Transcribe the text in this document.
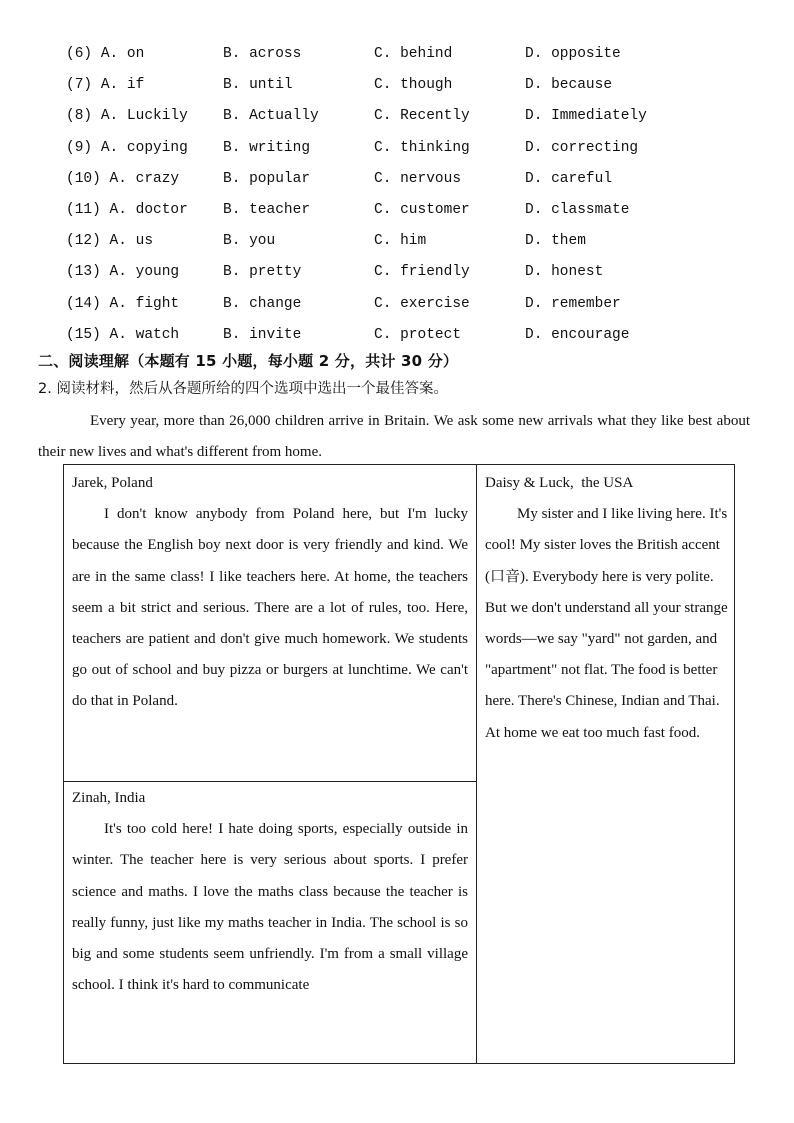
(6) A. on	B. across	C. behind	D. opposite
(7) A. if	B. until	C. though	D. because
(8) A. Luckily B. Actually	C. Recently	D. Immediately
(9) A. copying B. writing	C. thinking	D. correcting
(10) A. crazy	B. popular	C. nervous	D. careful
(11) A. doctor B. teacher	C. customer	D. classmate
(12) A. us	B. you	C. him	D. them
(13) A. young	B. pretty	C. friendly	D. honest
(14) A. fight	B. change	C. exercise	D. remember
(15) A. watch	B. invite	C. protect	D. encourage
二、阅读理解（本题有 15 小题，每小题 2 分，共计 30 分）
2. 阅读材料，然后从各题所给的四个选项中选出一个最佳答案。
Every year, more than 26,000 children arrive in Britain. We ask some new arrivals what they like best about their new lives and what's different from home.
Jarek, Poland
I don't know anybody from Poland here, but I'm lucky because the English boy next door is very friendly and kind. We are in the same class! I like teachers here. At home, the teachers seem a bit strict and serious. There are a lot of rules, too. Here, teachers are patient and don't give much homework. We students go out of school and buy pizza or burgers at lunchtime. We can't do that in Poland.
Zinah, India
It's too cold here! I hate doing sports, especially outside in winter. The teacher here is very serious about sports. I prefer science and maths. I love the maths class because the teacher is really funny, just like my maths teacher in India. The school is so big and some students seem unfriendly. I'm from a small village school. I think it's hard to communicate
Daisy & Luck,  the USA
My sister and I like living here. It's cool! My sister loves the British accent (口音). Everybody here is very polite. But we don't understand all your strange words—we say "yard" not garden, and "apartment" not flat. The food is better here. There's Chinese, Indian and Thai. At home we eat too much fast food.
